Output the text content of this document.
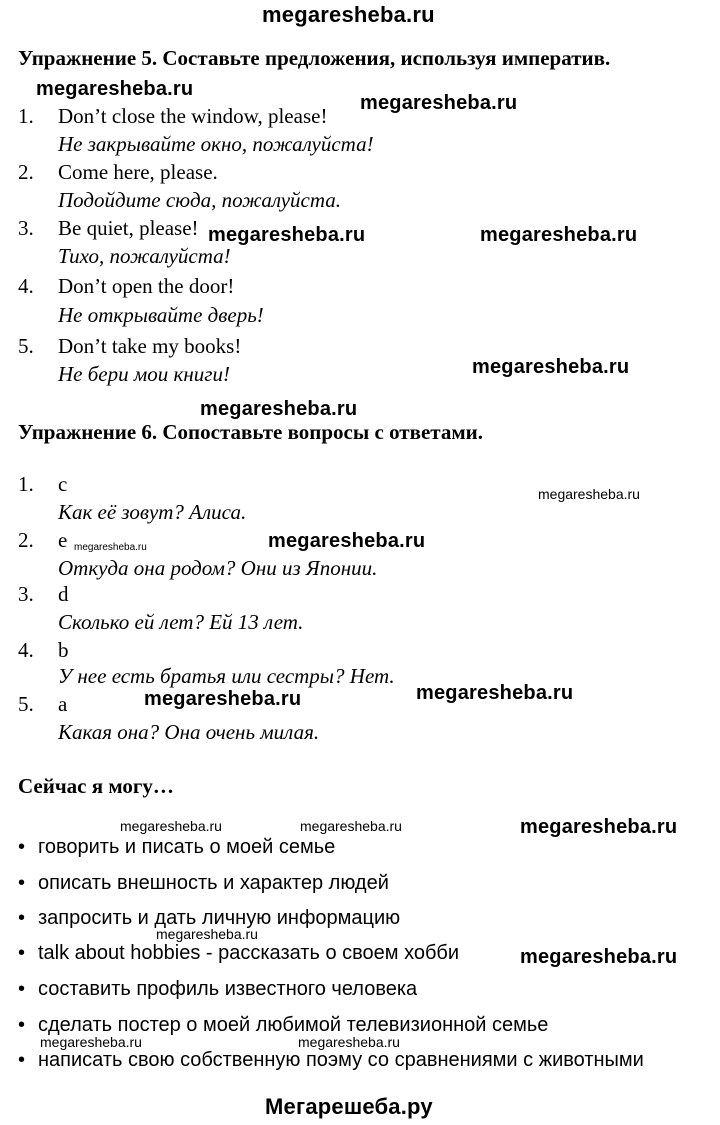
megaresheba.ru
Упражнение 5. Составьте предложения, используя императив.
megaresheba.ru
1. Don’t close the window, please!
megaresheba.ru
Не закрывайте окно, пожалуйста!
2. Come here, please.
Подойдите сюда, пожалуйста.
3. Be quiet, please! megaresheba.ru	megaresheba.ru
Тихо, пожалуйста!
4. Don’t open the door!
Не открывайте дверь!
5. Don’t take my books!
megaresheba.ru
Не бери мои книги!
megaresheba.ru
Упражнение 6. Сопоставьте вопросы с ответами.
1. c	megaresheba.ru
Как её зовут? Алиса.
2. e megaresheba.ru	megaresheba.ru
Откуда она родом? Они из Японии.
3. d
Сколько ей лет? Ей 13 лет.
4. b
У нее есть братья или сестры? Нет.
5. a	megaresheba.ru	megaresheba.ru
Какая она? Она очень милая.
Сейчас я могу…
megaresheba.ru	megaresheba.ru	megaresheba.ru
• говорить и писать о моей семье
• описать внешность и характер людей
• запросить и дать личную информацию
megaresheba.ru
• talk about hobbies - рассказать о своем хобби	megaresheba.ru
• составить профиль известного человека
• сделать постер о моей любимой телевизионной семье
megaresheba.ru	megaresheba.ru
• написать свою собственную поэму со сравнениями с животными
Мегарешеба.ру
